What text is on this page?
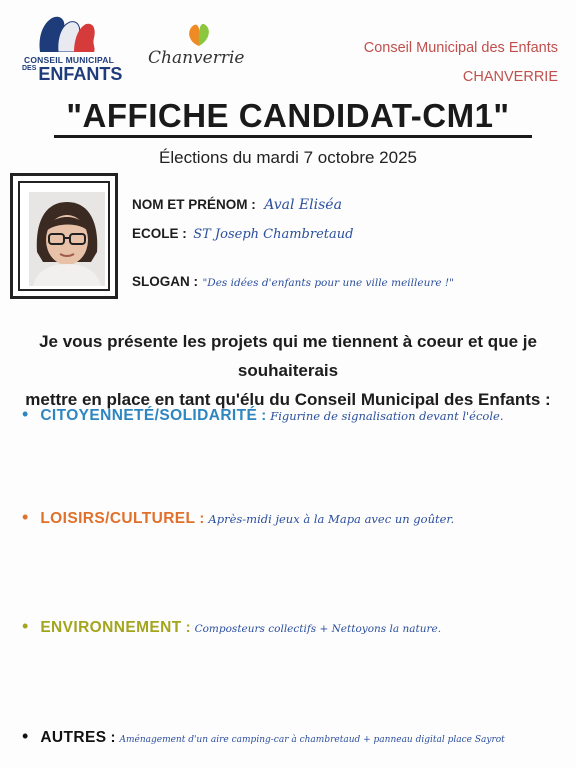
CONSEIL MUNICIPAL
DES ENFANTS
Chanverrie	Conseil Municipal des Enfants
CHANVERRIE
"AFFICHE CANDIDAT-CM1"
Élections du mardi 7 octobre 2025
NOM ET PRÉNOM : Aval Eliséa
ECOLE : ST Joseph Chambretaud
SLOGAN : "Des idées d'enfants pour une ville meilleure !"
Je vous présente les projets qui me tiennent à coeur et que je souhaiterais
mettre en place en tant qu'élu du Conseil Municipal des Enfants :
• CITOYENNETÉ/SOLIDARITÉ : Figurine de signalisation devant l'école.
• LOISIRS/CULTUREL : Après-midi jeux à la Mapa avec un goûter.
• ENVIRONNEMENT : Composteurs collectifs + Nettoyons la nature.
• AUTRES : Aménagement d'un aire camping-car à chambretaud + panneau digital place Sayrot
